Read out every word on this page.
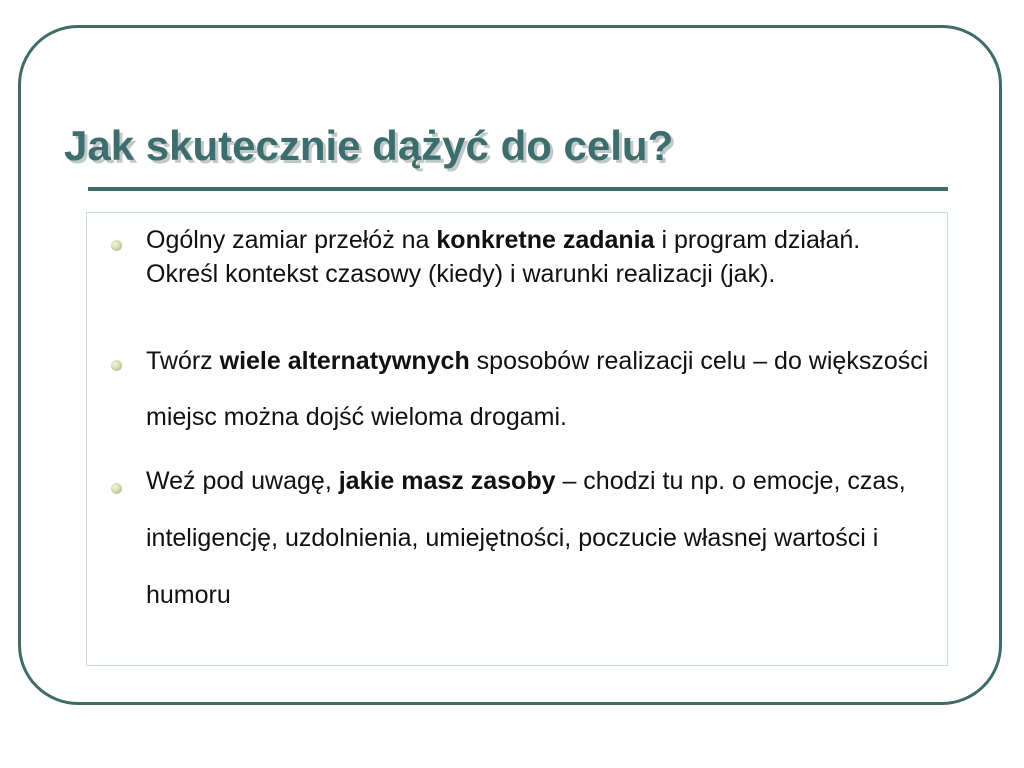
Jak skutecznie dążyć do celu?

Ogólny zamiar przełóż na konkretne zadania i program działań. Określ kontekst czasowy (kiedy) i warunki realizacji (jak).

Twórz wiele alternatywnych sposobów realizacji celu – do większości miejsc można dojść wieloma drogami.

Weź pod uwagę, jakie masz zasoby – chodzi tu np. o emocje, czas, inteligencję, uzdolnienia, umiejętności, poczucie własnej wartości i humoru
